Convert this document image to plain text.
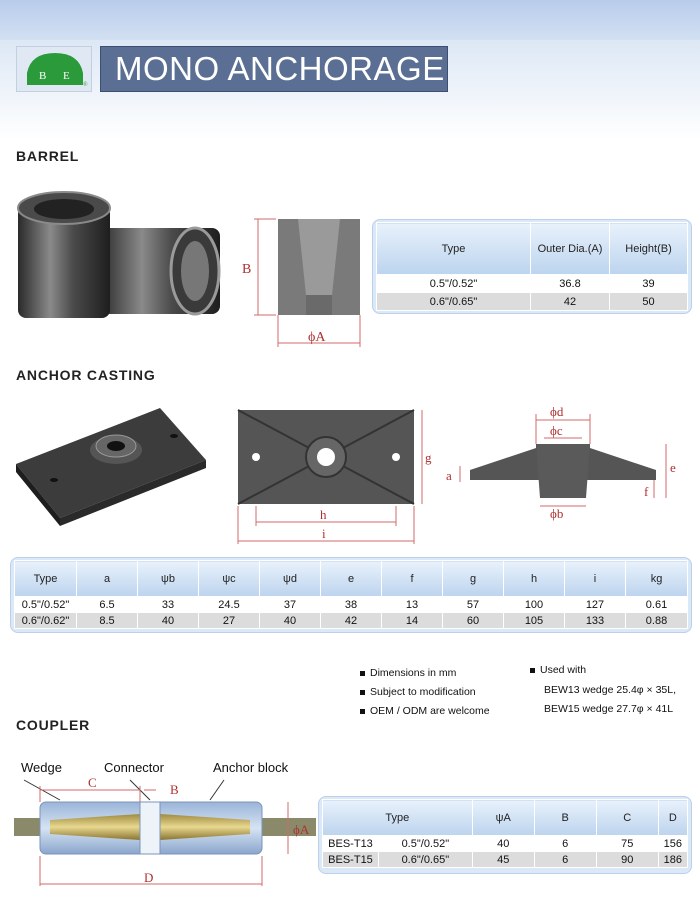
B E
® MONO ANCHORAGE
BARREL
B
ϕA
Type	Outer Dia.(A)	Height(B)
0.5"/0.52"	36.8	39
0.6"/0.65"	42	50
ANCHOR CASTING
g
h
i
ϕd
ϕc
ϕb
a
e
f
Type	a	ψb	ψc	ψd	e	f	g	h	i	kg
0.5"/0.52"	6.5	33	24.5	37	38	13	57	100	127	0.61
0.6"/0.62"	8.5	40	27	40	42	14	60	105	133	0.88
Dimensions in mm
Subject to modification
OEM / ODM are welcome
Used with
BEW13 wedge 25.4φ × 35L,
BEW15 wedge 27.7φ × 41L
COUPLER
Wedge	Connector	Anchor block
C	B
ϕA
D
Type		ψA	B	C	D
BES-T13	0.5"/0.52"	40	6	75	156
BES-T15	0.6"/0.65"	45	6	90	186
